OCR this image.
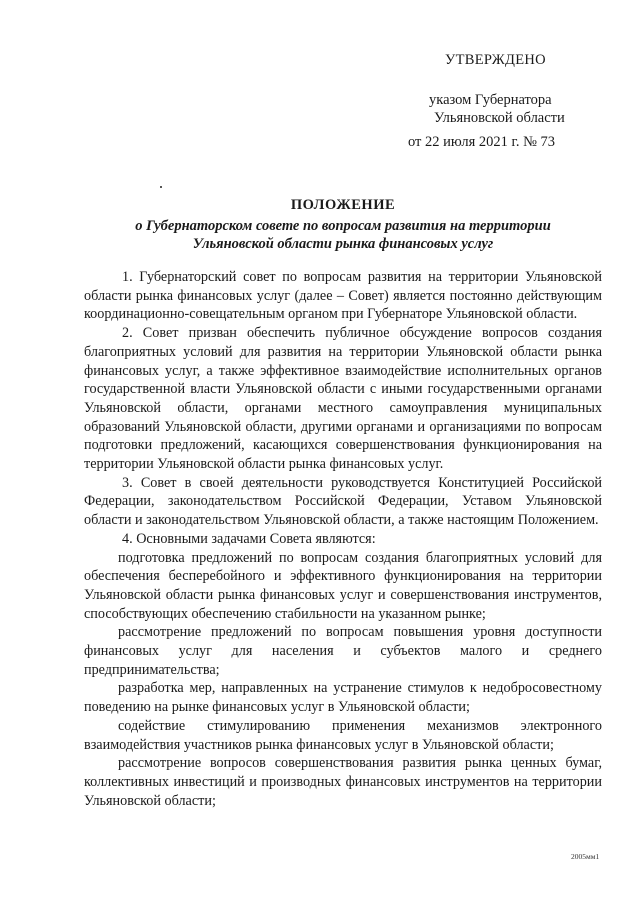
УТВЕРЖДЕНО
указом Губернатора
Ульяновской области
от 22 июля 2021 г. № 73
ПОЛОЖЕНИЕ
о Губернаторском совете по вопросам развития на территории
Ульяновской области рынка финансовых услуг

1. Губернаторский совет по вопросам развития на территории Ульяновской области рынка финансовых услуг (далее – Совет) является постоянно действующим координационно-совещательным органом при Губернаторе Ульяновской области.

2. Совет призван обеспечить публичное обсуждение вопросов создания благоприятных условий для развития на территории Ульяновской области рынка финансовых услуг, а также эффективное взаимодействие исполнительных органов государственной власти Ульяновской области с иными государственными органами Ульяновской области, органами местного самоуправления муниципальных образований Ульяновской области, другими органами и организациями по вопросам подготовки предложений, касающихся совершенствования функционирования на территории Ульяновской области рынка финансовых услуг.

3. Совет в своей деятельности руководствуется Конституцией Российской Федерации, законодательством Российской Федерации, Уставом Ульяновской области и законодательством Ульяновской области, а также настоящим Положением.

4. Основными задачами Совета являются:

подготовка предложений по вопросам создания благоприятных условий для обеспечения бесперебойного и эффективного функционирования на территории Ульяновской области рынка финансовых услуг и совершенствования инструментов, способствующих обеспечению стабильности на указанном рынке;

рассмотрение предложений по вопросам повышения уровня доступности финансовых услуг для населения и субъектов малого и среднего предпринимательства;

разработка мер, направленных на устранение стимулов к недобросовестному поведению на рынке финансовых услуг в Ульяновской области;

содействие стимулированию применения механизмов электронного взаимодействия участников рынка финансовых услуг в Ульяновской области;

рассмотрение вопросов совершенствования развития рынка ценных бумаг, коллективных инвестиций и производных финансовых инструментов на территории Ульяновской области;

2005мм1
